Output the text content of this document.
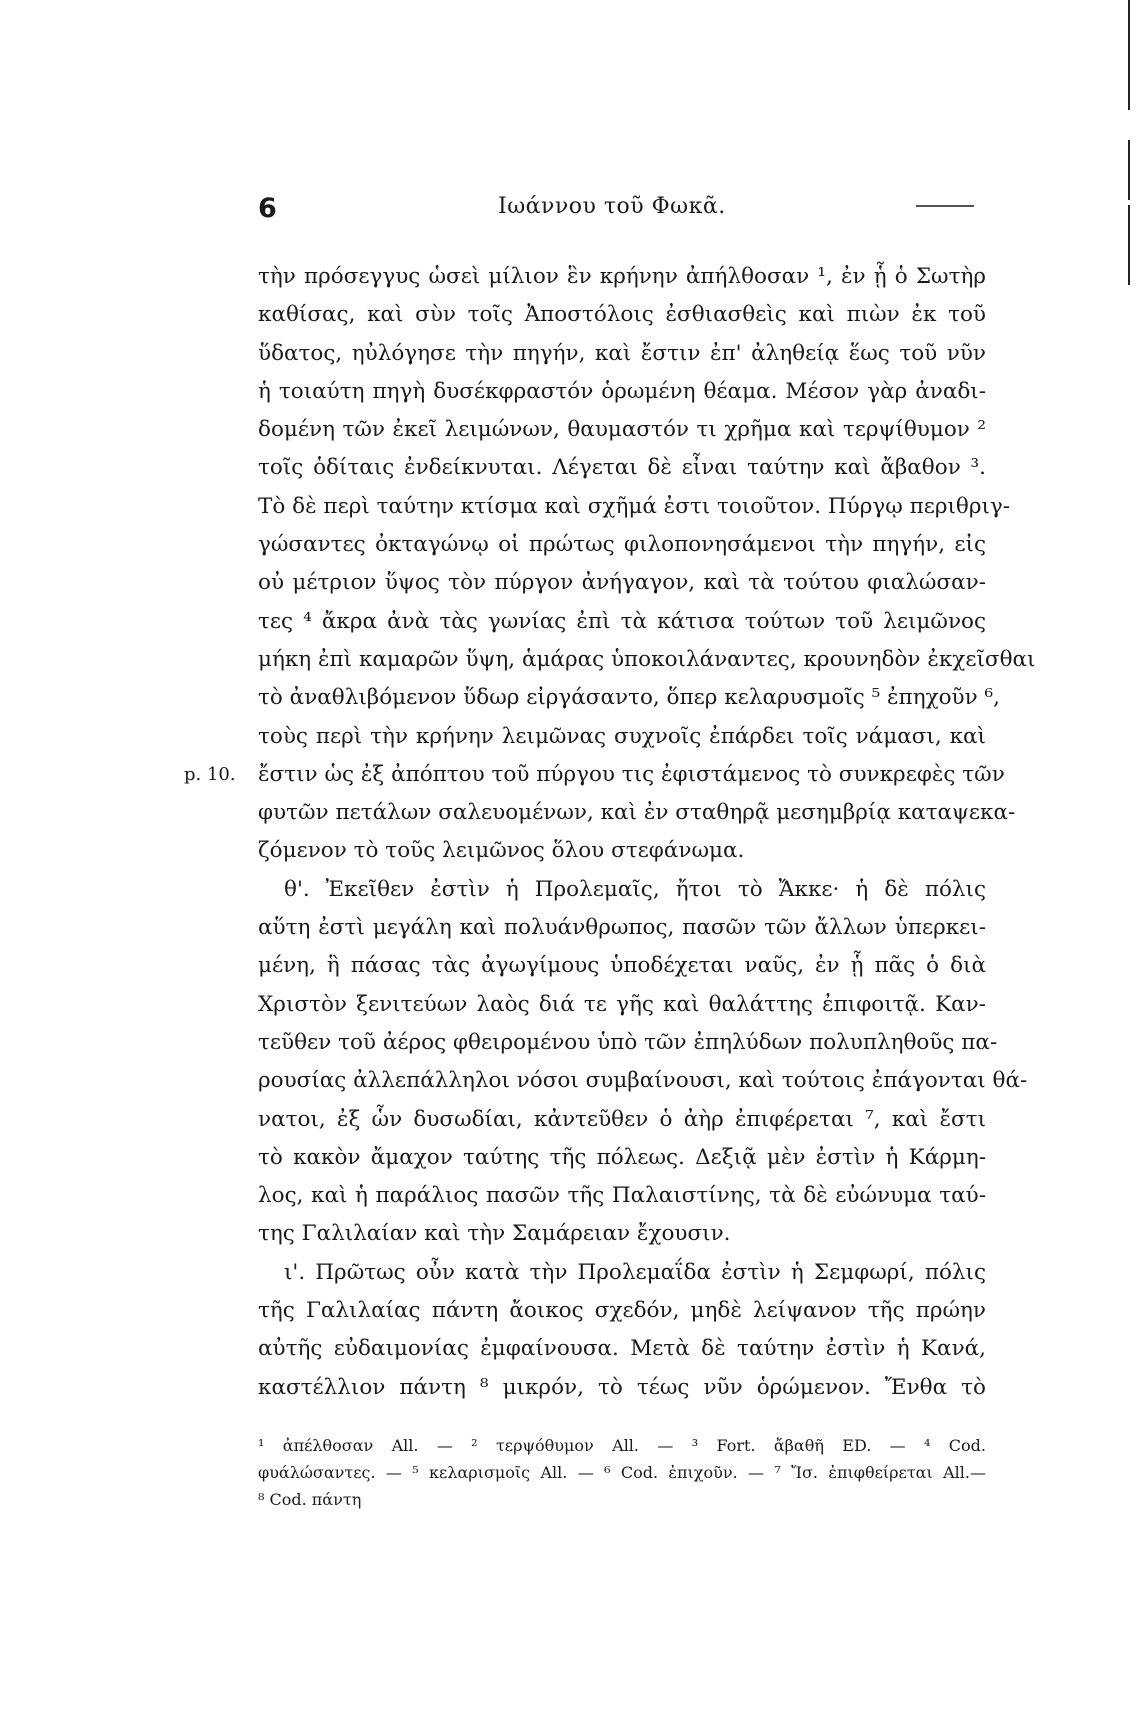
6	Ιωάννου τοῦ Φωκᾶ.
τὴν πρόσεγγυς ὡσεὶ μίλιον ἓν κρήνην ἀπήλθοσαν ¹, ἐν ᾗ ὁ Σωτὴρ
καθίσας, καὶ σὺν τοῖς Ἀποστόλοις ἐσθιασθεὶς καὶ πιὼν ἐκ τοῦ
ὕδατος, ηὐλόγησε τὴν πηγήν, καὶ ἔστιν ἐπ' ἀληθείᾳ ἕως τοῦ νῦν
ἡ τοιαύτη πηγὴ δυσέκφραστόν ὁρωμένη θέαμα. Μέσον γὰρ ἀναδι-
δομένη τῶν ἐκεῖ λειμώνων, θαυμαστόν τι χρῆμα καὶ τερψίθυμον ²
τοῖς ὁδίταις ἐνδείκνυται. Λέγεται δὲ εἶναι ταύτην καὶ ἄβαθον ³.
Τὸ δὲ περὶ ταύτην κτίσμα καὶ σχῆμά ἐστι τοιοῦτον. Πύργῳ περιθριγ-
γώσαντες ὀκταγώνῳ οἱ πρώτως φιλοπονησάμενοι τὴν πηγήν, εἰς
οὐ μέτριον ὕψος τὸν πύργον ἀνήγαγον, καὶ τὰ τούτου φιαλώσαν-
τες ⁴ ἄκρα ἀνὰ τὰς γωνίας ἐπὶ τὰ κάτισα τούτων τοῦ λειμῶνος
μήκη ἐπὶ καμαρῶν ὕψη, ἁμάρας ὑποκοιλάναντες, κρουνηδὸν ἐκχεῖσθαι
τὸ ἀναθλιβόμενον ὕδωρ εἰργάσαντο, ὅπερ κελαρυσμοῖς ⁵ ἐπηχοῦν ⁶,
τοὺς περὶ τὴν κρήνην λειμῶνας συχνοῖς ἐπάρδει τοῖς νάμασι, καὶ
ἔστιν ὡς ἐξ ἀπόπτου τοῦ πύργου τις ἐφιστάμενος τὸ συνκρεφὲς τῶν
p. 10.
φυτῶν πετάλων σαλευομένων, καὶ ἐν σταθηρᾷ μεσημβρίᾳ καταψεκα-
ζόμενον τὸ τοῦς λειμῶνος ὅλου στεφάνωμα.
θ'. Ἐκεῖθεν ἐστὶν ἡ Προλεμαῖς, ἤτοι τὸ Ἄκκε· ἡ δὲ πόλις
αὕτη ἐστὶ μεγάλη καὶ πολυάνθρωπος, πασῶν τῶν ἄλλων ὑπερκει-
μένη, ἣ πάσας τὰς ἀγωγίμους ὑποδέχεται ναῦς, ἐν ᾗ πᾶς ὁ διὰ
Χριστὸν ξενιτεύων λαὸς διά τε γῆς καὶ θαλάττης ἐπιφοιτᾷ. Καν-
τεῦθεν τοῦ ἀέρος φθειρομένου ὑπὸ τῶν ἐπηλύδων πολυπληθοῦς πα-
ρουσίας ἀλλεπάλληλοι νόσοι συμβαίνουσι, καὶ τούτοις ἐπάγονται θά-
νατοι, ἐξ ὧν δυσωδίαι, κἀντεῦθεν ὁ ἀὴρ ἐπιφέρεται ⁷, καὶ ἔστι
τὸ κακὸν ἄμαχον ταύτης τῆς πόλεως. Δεξιᾷ μὲν ἐστὶν ἡ Κάρμη-
λος, καὶ ἡ παράλιος πασῶν τῆς Παλαιστίνης, τὰ δὲ εὐώνυμα ταύ-
της Γαλιλαίαν καὶ τὴν Σαμάρειαν ἔχουσιν.
ι'. Πρῶτως οὖν κατὰ τὴν Προλεμαΐδα ἐστὶν ἡ Σεμφωρί, πόλις
τῆς Γαλιλαίας πάντη ἄοικος σχεδόν, μηδὲ λείψανον τῆς πρώην
αὐτῆς εὐδαιμονίας ἐμφαίνουσα. Μετὰ δὲ ταύτην ἐστὶν ἡ Κανά,
καστέλλιον πάντη ⁸ μικρόν, τὸ τέως νῦν ὁρώμενον. Ἔνθα τὸ
¹ ἀπέλθοσαν All. — ² τερψόθυμον All. — ³ Fort. ἄβαθῆ ED. — ⁴ Cod.
φυάλώσαντες. — ⁵ κελαρισμοῖς All. — ⁶ Cod. ἐπιχοῦν. — ⁷ Ἴσ. ἐπιφθείρεται All.—
⁸ Cod. πάντη
